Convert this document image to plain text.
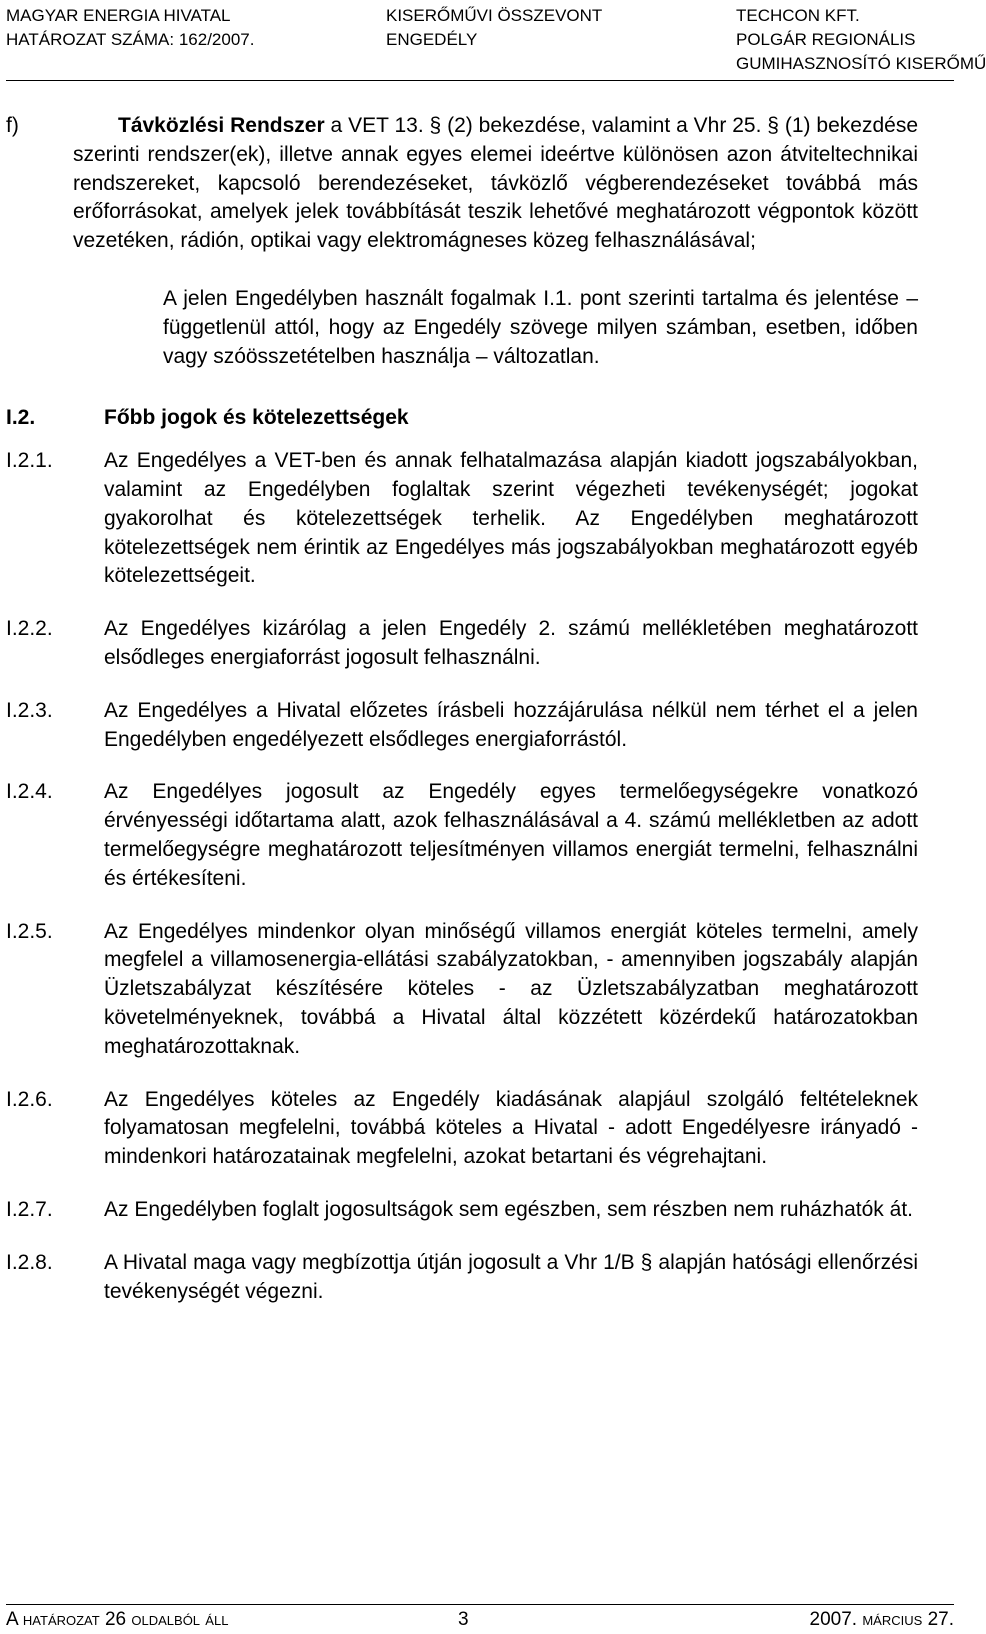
MAGYAR ENERGIA HIVATAL
HATÁROZAT SZÁMA: 162/2007.
KISERŐMŰVI ÖSSZEVONT
ENGEDÉLY
TECHCON KFT.
POLGÁR REGIONÁLIS
GUMIHASZNOSÍTÓ KISERŐMŰ
f)	Távközlési Rendszer a VET 13. § (2) bekezdése, valamint a Vhr 25. § (1) bekezdése szerinti rendszer(ek), illetve annak egyes elemei ideértve különösen azon átviteltechnikai rendszereket, kapcsoló berendezéseket, távközlő végberendezéseket továbbá más erőforrásokat, amelyek jelek továbbítását teszik lehetővé meghatározott végpontok között vezetéken, rádión, optikai vagy elektromágneses közeg felhasználásával;

A jelen Engedélyben használt fogalmak I.1. pont szerinti tartalma és jelentése – függetlenül attól, hogy az Engedély szövege milyen számban, esetben, időben vagy szóösszetételben használja – változatlan.

I.2.	Főbb jogok és kötelezettségek
I.2.1. Az Engedélyes a VET-ben és annak felhatalmazása alapján kiadott jogszabályokban, valamint az Engedélyben foglaltak szerint végezheti tevékenységét; jogokat gyakorolhat és kötelezettségek terhelik. Az Engedélyben meghatározott kötelezettségek nem érintik az Engedélyes más jogszabályokban meghatározott egyéb kötelezettségeit.

I.2.2. Az Engedélyes kizárólag a jelen Engedély 2. számú mellékletében meghatározott elsődleges energiaforrást jogosult felhasználni.

I.2.3. Az Engedélyes a Hivatal előzetes írásbeli hozzájárulása nélkül nem térhet el a jelen Engedélyben engedélyezett elsődleges energiaforrástól.

I.2.4. Az Engedélyes jogosult az Engedély egyes termelőegységekre vonatkozó érvényességi időtartama alatt, azok felhasználásával a 4. számú mellékletben az adott termelőegységre meghatározott teljesítményen villamos energiát termelni, felhasználni és értékesíteni.

I.2.5. Az Engedélyes mindenkor olyan minőségű villamos energiát köteles termelni, amely megfelel a villamosenergia-ellátási szabályzatokban, - amennyiben jogszabály alapján Üzletszabályzat készítésére köteles - az Üzletszabályzatban meghatározott követelményeknek, továbbá a Hivatal által közzétett közérdekű határozatokban meghatározottaknak.

I.2.6. Az Engedélyes köteles az Engedély kiadásának alapjául szolgáló feltételeknek folyamatosan megfelelni, továbbá köteles a Hivatal - adott Engedélyesre irányadó - mindenkori határozatainak megfelelni, azokat betartani és végrehajtani.

I.2.7. Az Engedélyben foglalt jogosultságok sem egészben, sem részben nem ruházhatók át.

I.2.8. A Hivatal maga vagy megbízottja útján jogosult a Vhr 1/B § alapján hatósági ellenőrzési tevékenységét végezni.

A határozat 26 oldalból áll	3	2007. március 27.
